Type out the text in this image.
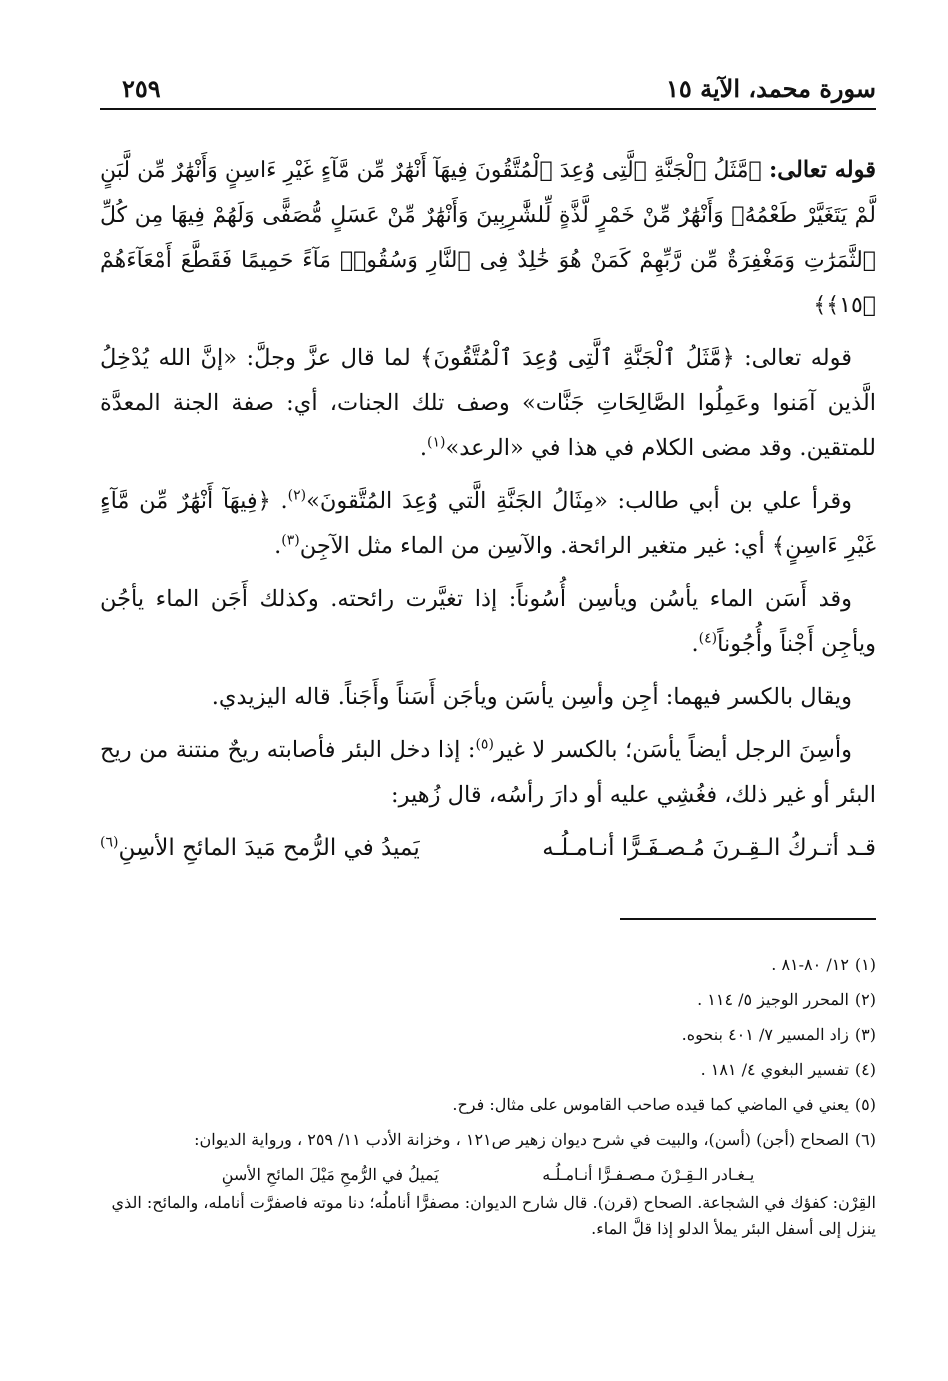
سورة محمد، الآية ١٥
٢٥٩

قوله تعالى: ﴿مَّثَلُ ٱلْجَنَّةِ ٱلَّتِى وُعِدَ ٱلْمُتَّقُونَ فِيهَآ أَنْهَٰرٌ مِّن مَّآءٍ غَيْرِ ءَاسِنٍ وَأَنْهَٰرٌ مِّن لَّبَنٍ لَّمْ يَتَغَيَّرْ طَعْمُهُۥ وَأَنْهَٰرٌ مِّنْ خَمْرٍ لَّذَّةٍ لِّلشَّٰرِبِينَ وَأَنْهَٰرٌ مِّنْ عَسَلٍ مُّصَفًّى وَلَهُمْ فِيهَا مِن كُلِّ ٱلثَّمَرَٰتِ وَمَغْفِرَةٌ مِّن رَّبِّهِمْ كَمَنْ هُوَ خَٰلِدٌ فِى ٱلنَّارِ وَسُقُوا۟ مَآءً حَمِيمًا فَقَطَّعَ أَمْعَآءَهُمْ ﴿١٥﴾﴾

قوله تعالى: ﴿مَّثَلُ ٱلْجَنَّةِ ٱلَّتِى وُعِدَ ٱلْمُتَّقُونَ﴾ لما قال عزَّ وجلَّ: «إنَّ الله يُدْخِلُ الَّذين آمَنوا وعَمِلُوا الصَّالِحَاتِ جَنَّات» وصف تلك الجنات، أي: صفة الجنة المعدَّة للمتقين. وقد مضى الكلام في هذا في «الرعد»$^{(١)}$.

وقرأ علي بن أبي طالب: «مِثَالُ الجَنَّةِ الَّتي وُعِدَ المُتَّقونَ»$^{(٢)}$. ﴿فِيهَآ أَنْهَٰرٌ مِّن مَّآءٍ غَيْرِ ءَاسِنٍ﴾ أي: غير متغير الرائحة. والآسِن من الماء مثل الآجِن$^{(٣)}$.

وقد أَسَن الماء يأسُن ويأسِن أُسُوناً: إذا تغيَّرت رائحته. وكذلك أَجَن الماء يأجُن ويأجِن أَجْناً وأُجُوناً$^{(٤)}$.

ويقال بالكسر فيهما: أجِن وأسِن يأسَن ويأجَن أَسَناً وأَجَناً. قاله اليزيدي.

وأسِنَ الرجل أيضاً يأسَن؛ بالكسر لا غير$^{(٥)}$: إذا دخل البئر فأصابته ريحٌ منتنة من ريح البئر أو غير ذلك، فغُشِي عليه أو دارَ رأسُه، قال زُهير:

قـد أتـركُ الـقِـرنَ مُـصـفَـرًّا أنـامـلُـه
يَميدُ في الرُّمح مَيدَ المائحِ الأسِنِ$^{(٦)}$

(١)١٢/ ٨٠-٨١ .

(٢)المحرر الوجيز ٥/ ١١٤ .

(٣)زاد المسير ٧/ ٤٠١ بنحوه.

(٤)تفسير البغوي ٤/ ١٨١ .

(٥)يعني في الماضي كما قيده صاحب القاموس على مثال: فرح.

(٦)الصحاح (أجن) (أسن)، والبيت في شرح ديوان زهير ص١٢١ ، وخزانة الأدب ١١/ ٢٥٩ ، ورواية الديوان:

يـغـادر الـقِـرْنَ مـصـفـرًّا أنـامـلُـه
يَميلُ في الرُّمحِ مَيْلَ المائحِ الأسنِ

القِرْن: كفؤك في الشجاعة. الصحاح (قرن). قال شارح الديوان: مصفرًّا أناملُه؛ دنا موته فاصفرَّت أنامله، والمائح: الذي ينزل إلى أسفل البئر يملأ الدلو إذا قلَّ الماء.
